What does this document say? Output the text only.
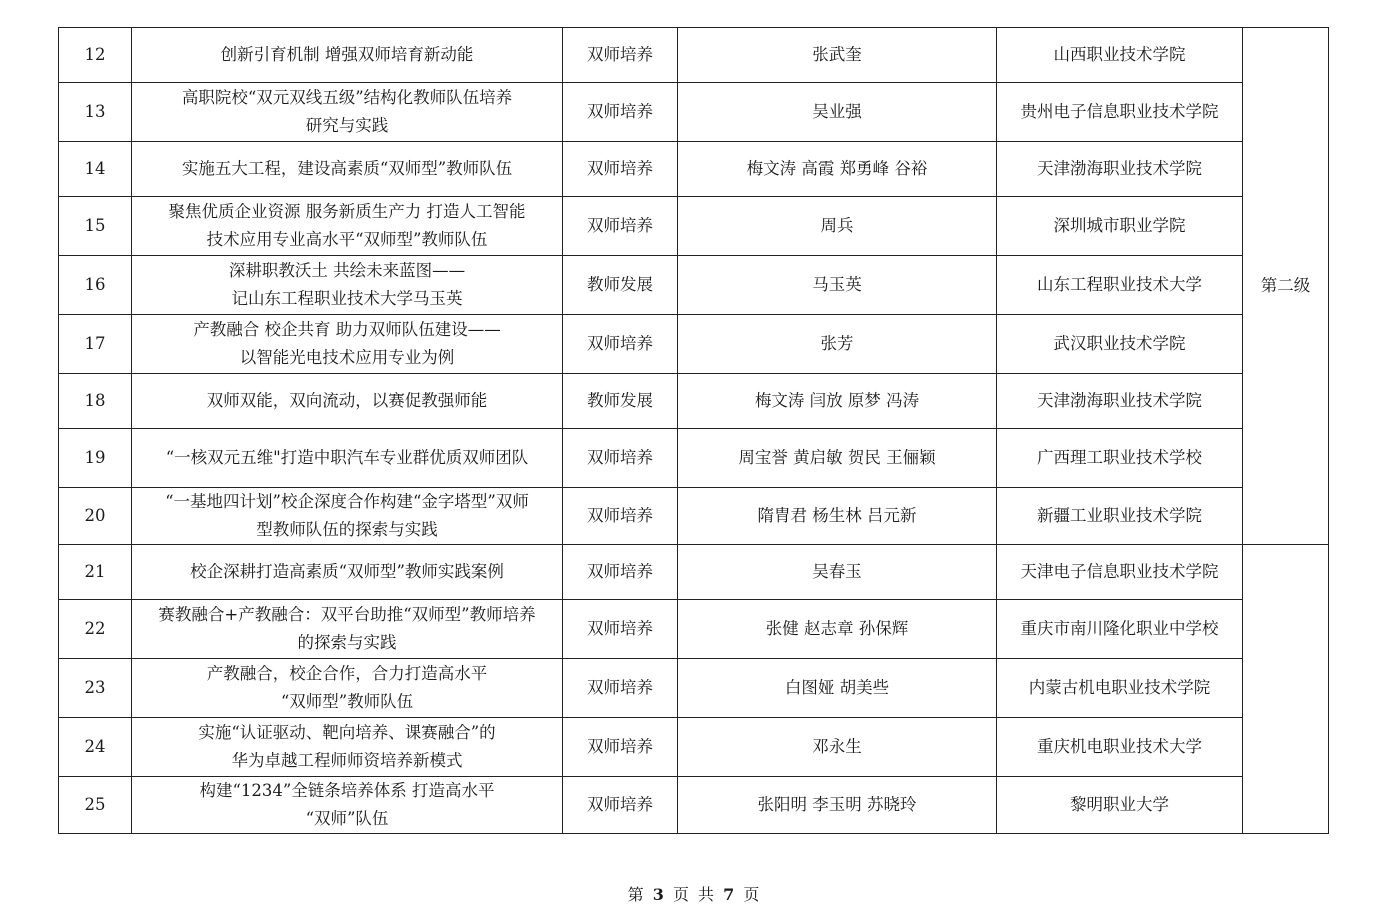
12	创新引育机制 增强双师培育新动能	双师培养	张武奎	山西职业技术学院	第二级
13	高职院校“双元双线五级”结构化教师队伍培养
研究与实践	双师培养	吴业强	贵州电子信息职业技术学院	
14	实施五大工程，建设高素质“双师型”教师队伍	双师培养	梅文涛 高霞 郑勇峰 谷裕	天津渤海职业技术学院	
15	聚焦优质企业资源 服务新质生产力 打造人工智能
技术应用专业高水平“双师型”教师队伍	双师培养	周兵	深圳城市职业学院	
16	深耕职教沃土 共绘未来蓝图——
记山东工程职业技术大学马玉英	教师发展	马玉英	山东工程职业技术大学	
17	产教融合 校企共育 助力双师队伍建设——
以智能光电技术应用专业为例	双师培养	张芳	武汉职业技术学院	
18	双师双能，双向流动，以赛促教强师能	教师发展	梅文涛 闫放 原梦 冯涛	天津渤海职业技术学院	
19	“一核双元五维"打造中职汽车专业群优质双师团队	双师培养	周宝誉 黄启敏 贺民 王俪颖	广西理工职业技术学校	
20	“一基地四计划”校企深度合作构建“金字塔型”双师
型教师队伍的探索与实践	双师培养	隋胄君 杨生林 吕元新	新疆工业职业技术学院	
21	校企深耕打造高素质“双师型”教师实践案例	双师培养	吴春玉	天津电子信息职业技术学院	
22	赛教融合+产教融合：双平台助推“双师型”教师培养
的探索与实践	双师培养	张健 赵志章 孙保辉	重庆市南川隆化职业中学校	
23	产教融合，校企合作，合力打造高水平
“双师型”教师队伍	双师培养	白图娅 胡美些	内蒙古机电职业技术学院	
24	实施“认证驱动、靶向培养、课赛融合”的
华为卓越工程师师资培养新模式	双师培养	邓永生	重庆机电职业技术大学	
25	构建“1234”全链条培养体系 打造高水平
“双师”队伍	双师培养	张阳明 李玉明 苏晓玲	黎明职业大学	
第 3 页 共 7 页
